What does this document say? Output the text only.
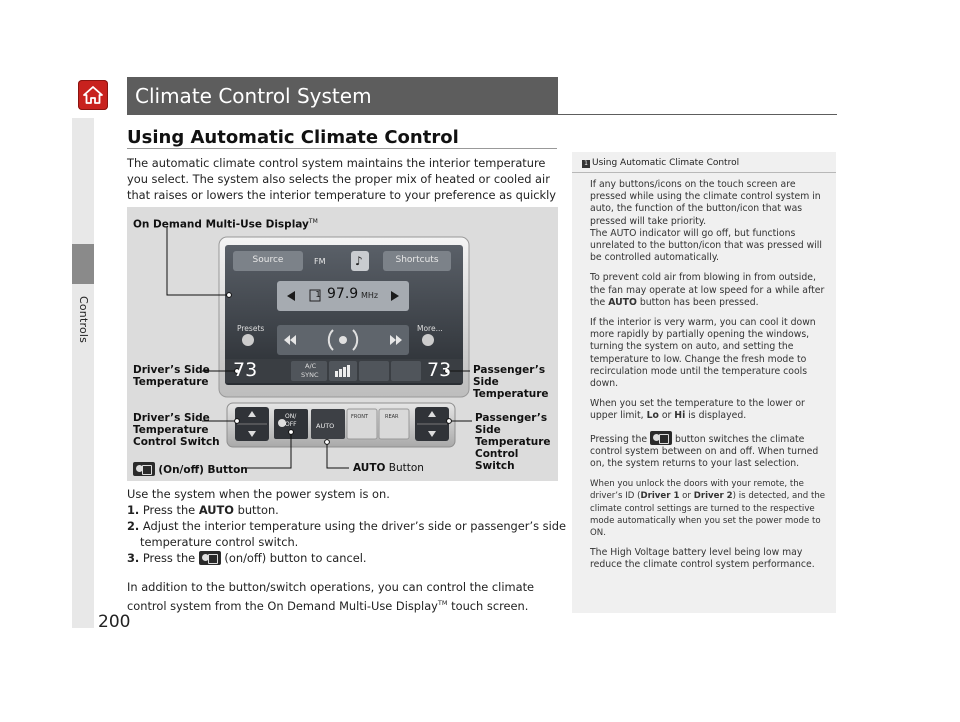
Controls
Climate Control System
Using Automatic Climate Control
The automatic climate control system maintains the interior temperature you select. The system also selects the proper mix of heated or cooled air that raises or lowers the interior temperature to your preference as quickly
Source	FM ♪	Shortcuts
1 97.9 MHz
Presets	More...
73	73
A/C
SYNC
ON/
OFF	AUTO
FRONT	REAR
On Demand Multi-Use Display™
Driver’s Side
Temperature
Passenger’s Side
Temperature
Driver’s Side
Temperature
Control Switch
Passenger’s Side
Temperature
Control Switch
(On/off) Button	AUTO Button
Use the system when the power system is on.
1. Press the AUTO button.
2. Adjust the interior temperature using the driver’s side or passenger’s side temperature control switch.
3. Press the  (on/off) button to cancel.
In addition to the button/switch operations, you can control the climate control system from the On Demand Multi-Use Display™ touch screen.
1 Using Automatic Climate Control

If any buttons/icons on the touch screen are pressed while using the climate control system in auto, the function of the button/icon that was pressed will take priority.

The AUTO indicator will go off, but functions unrelated to the button/icon that was pressed will be controlled automatically.

To prevent cold air from blowing in from outside, the fan may operate at low speed for a while after the AUTO button has been pressed.

If the interior is very warm, you can cool it down more rapidly by partially opening the windows, turning the system on auto, and setting the temperature to low. Change the fresh mode to recirculation mode until the temperature cools down.

When you set the temperature to the lower or upper limit, Lo or Hi is displayed.

Pressing the  button switches the climate control system between on and off. When turned on, the system returns to your last selection.

When you unlock the doors with your remote, the driver’s ID (Driver 1 or Driver 2) is detected, and the climate control settings are turned to the respective mode automatically when you set the power mode to ON.

The High Voltage battery level being low may reduce the climate control system performance.

200
